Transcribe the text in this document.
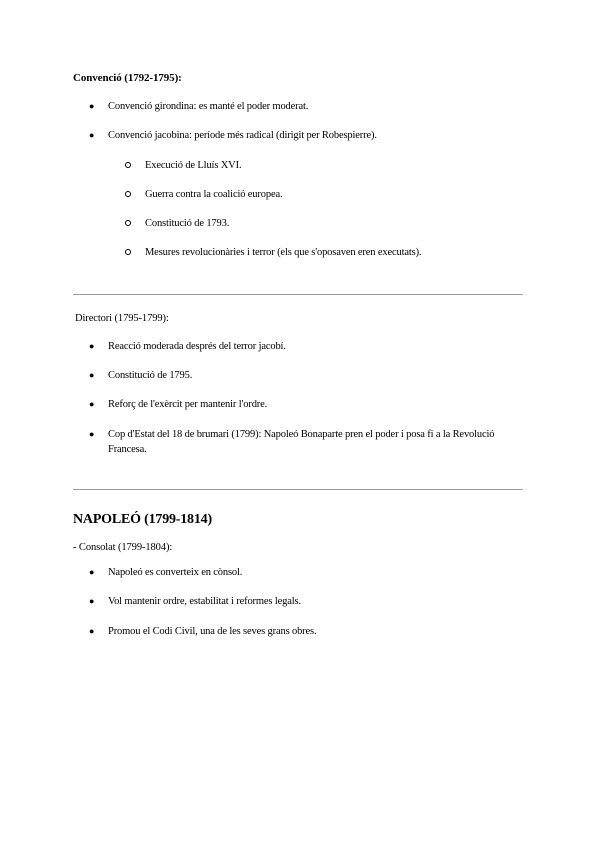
Convenció (1792-1795):
● Convenció girondina: es manté el poder moderat.
● Convenció jacobina: període més radical (dirigit per Robespierre).
Execució de Lluís XVI.
Guerra contra la coalició europea.
Constitució de 1793.
Mesures revolucionàries i terror (els que s'oposaven eren executats).
Directori (1795-1799):
● Reacció moderada després del terror jacobí.
● Constitució de 1795.
● Reforç de l'exèrcit per mantenir l'ordre.
● Cop d'Estat del 18 de brumari (1799): Napoleó Bonaparte pren el poder i posa fi a la Revolució Francesa.
NAPOLEÓ (1799-1814)
- Consolat (1799-1804):
● Napoleó es converteix en cònsol.
● Vol mantenir ordre, estabilitat i reformes legals.
● Promou el Codi Civil, una de les seves grans obres.
